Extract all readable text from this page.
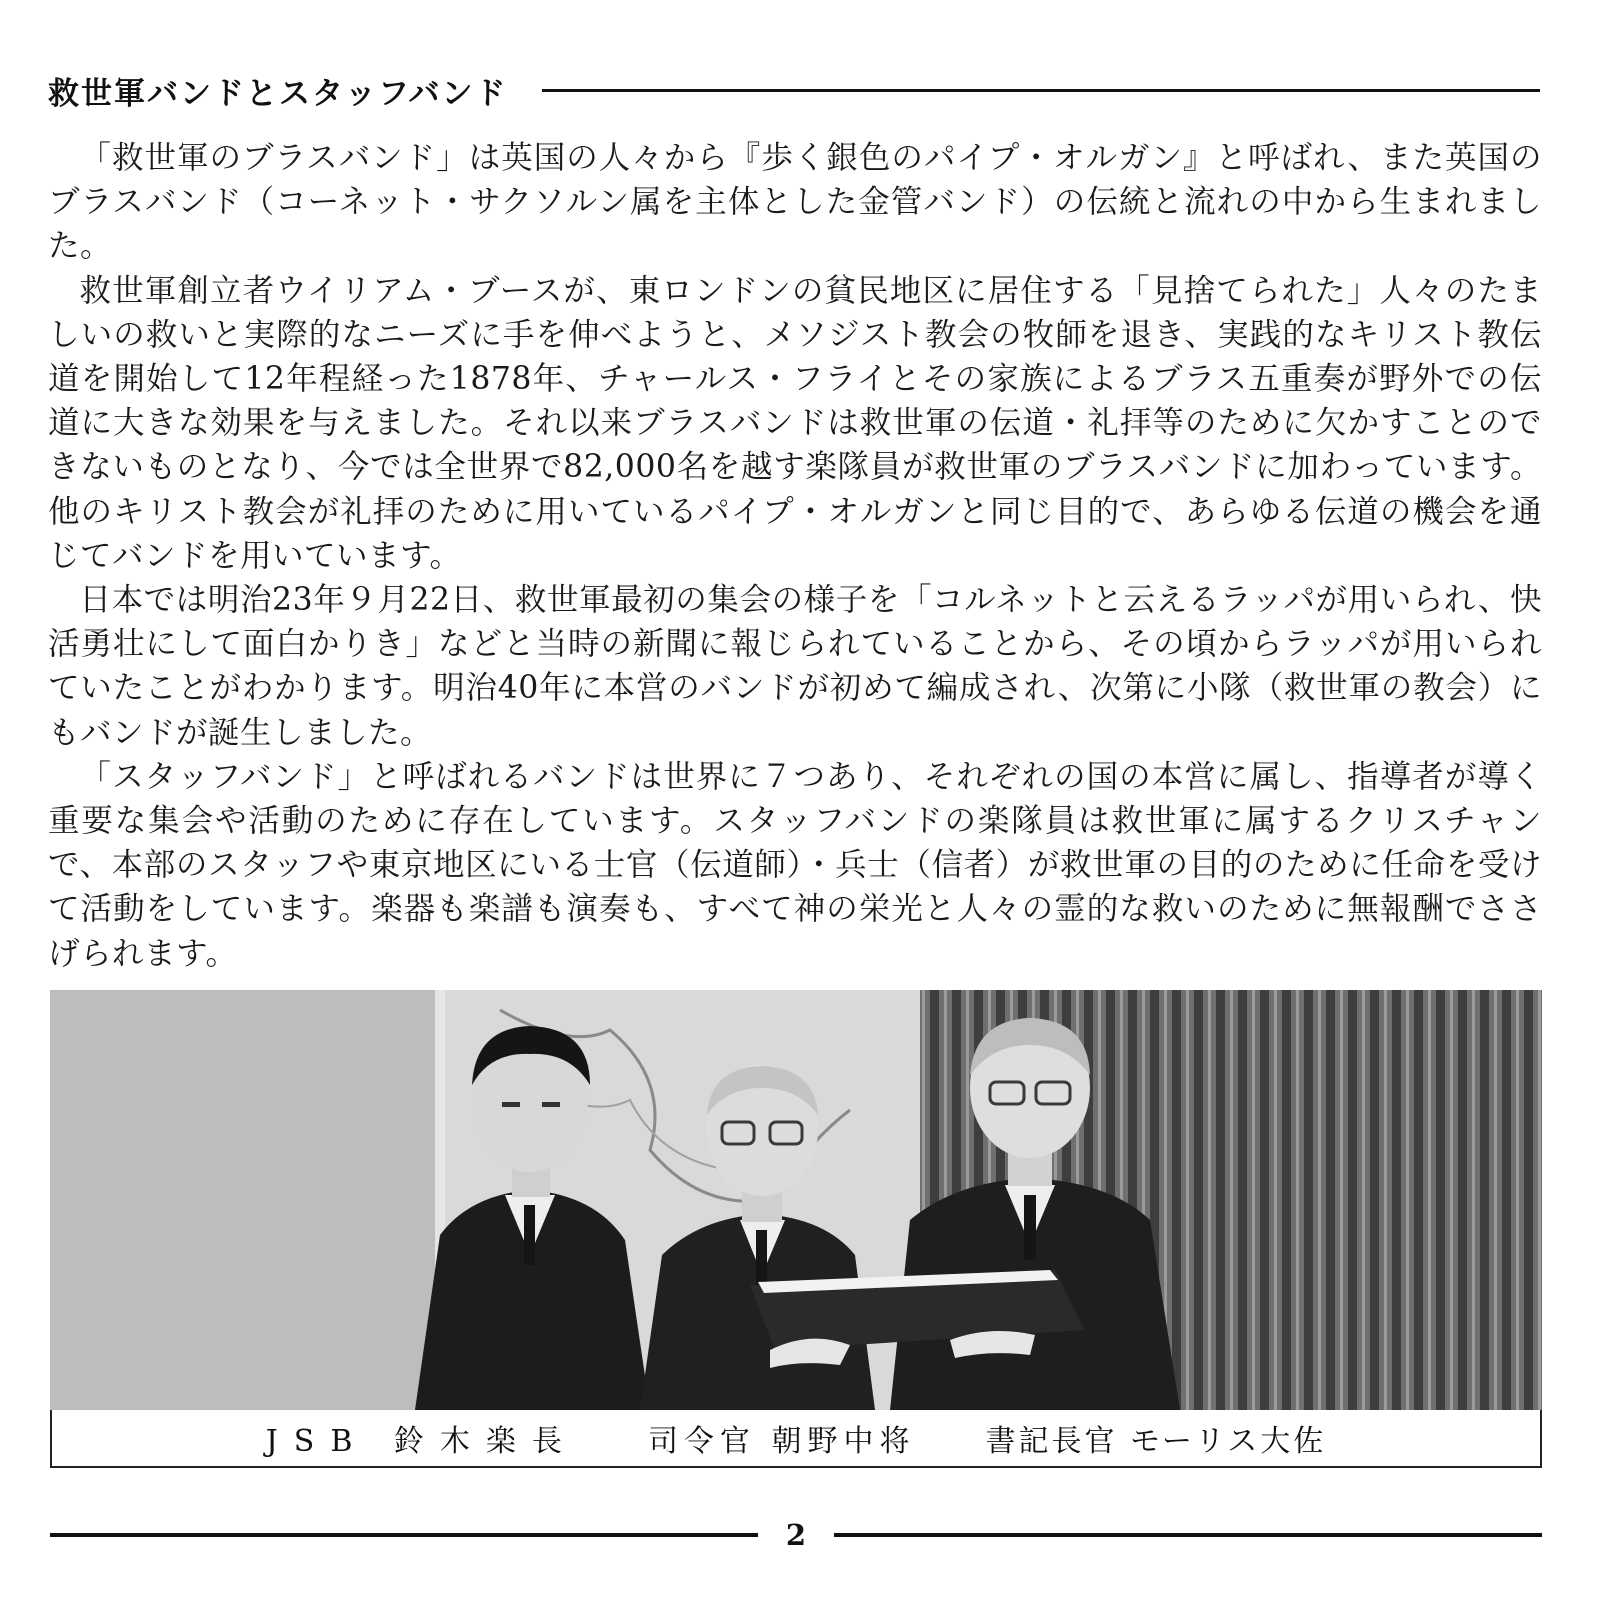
救世軍バンドとスタッフバンド

「救世軍のブラスバンド」は英国の人々から『歩く銀色のパイプ・オルガン』と呼ばれ、また英国のブラスバンド（コーネット・サクソルン属を主体とした金管バンド）の伝統と流れの中から生まれました。

救世軍創立者ウイリアム・ブースが、東ロンドンの貧民地区に居住する「見捨てられた」人々のたましいの救いと実際的なニーズに手を伸べようと、メソジスト教会の牧師を退き、実践的なキリスト教伝道を開始して12年程経った1878年、チャールス・フライとその家族によるブラス五重奏が野外での伝道に大きな効果を与えました。それ以来ブラスバンドは救世軍の伝道・礼拝等のために欠かすことのできないものとなり、今では全世界で82,000名を越す楽隊員が救世軍のブラスバンドに加わっています。他のキリスト教会が礼拝のために用いているパイプ・オルガンと同じ目的で、あらゆる伝道の機会を通じてバンドを用いています。

日本では明治23年９月22日、救世軍最初の集会の様子を「コルネットと云えるラッパが用いられ、快活勇壮にして面白かりき」などと当時の新聞に報じられていることから、その頃からラッパが用いられていたことがわかります。明治40年に本営のバンドが初めて編成され、次第に小隊（救世軍の教会）にもバンドが誕生しました。

「スタッフバンド」と呼ばれるバンドは世界に７つあり、それぞれの国の本営に属し、指導者が導く重要な集会や活動のために存在しています。スタッフバンドの楽隊員は救世軍に属するクリスチャンで、本部のスタッフや東京地区にいる士官（伝道師）・兵士（信者）が救世軍の目的のために任命を受けて活動をしています。楽器も楽譜も演奏も、すべて神の栄光と人々の霊的な救いのために無報酬でささげられます。

JSB 鈴木楽長 司令官 朝野中将 書記長官 モーリス大佐
2
